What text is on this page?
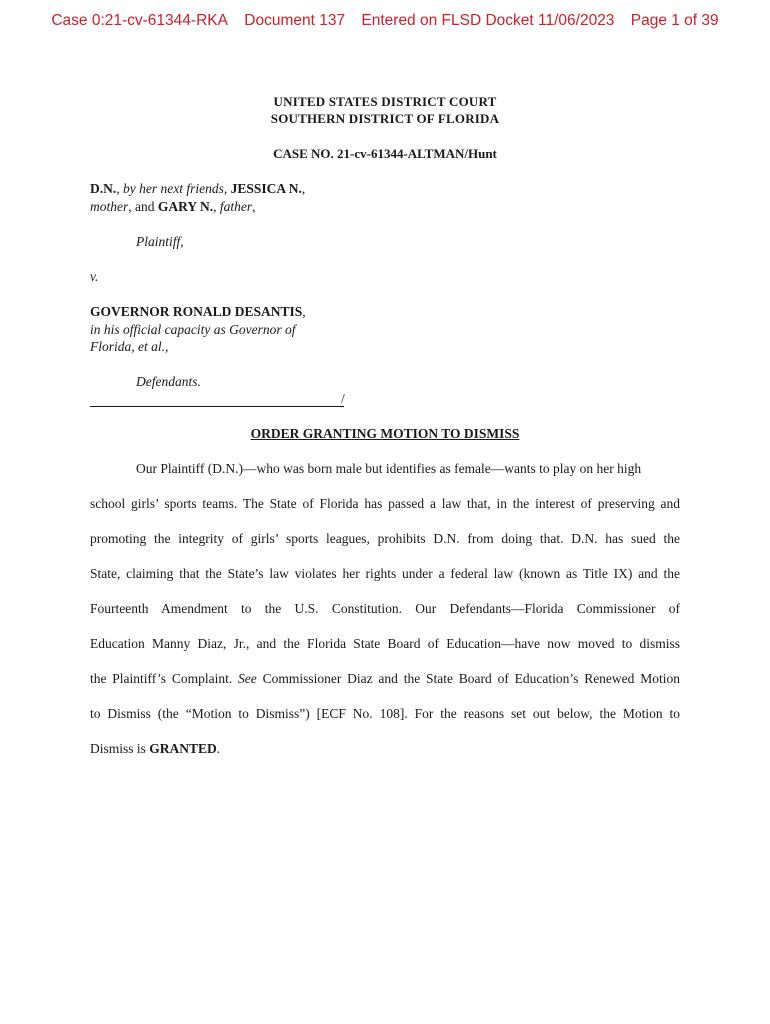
Case 0:21-cv-61344-RKA Document 137 Entered on FLSD Docket 11/06/2023 Page 1 of 39
UNITED STATES DISTRICT COURT
SOUTHERN DISTRICT OF FLORIDA
CASE NO. 21-cv-61344-ALTMAN/Hunt
D.N., by her next friends, JESSICA N.,
mother, and GARY N., father,
Plaintiff,
v.
GOVERNOR RONALD DESANTIS,
in his official capacity as Governor of
Florida, et al.,
Defendants.
/
ORDER GRANTING MOTION TO DISMISS
Our Plaintiff (D.N.)—who was born male but identifies as female—wants to play on her high
school girls’ sports teams. The State of Florida has passed a law that, in the interest of preserving and
promoting the integrity of girls’ sports leagues, prohibits D.N. from doing that. D.N. has sued the
State, claiming that the State’s law violates her rights under a federal law (known as Title IX) and the
Fourteenth Amendment to the U.S. Constitution. Our Defendants—Florida Commissioner of
Education Manny Diaz, Jr., and the Florida State Board of Education—have now moved to dismiss
the Plaintiff’s Complaint. See Commissioner Diaz and the State Board of Education’s Renewed Motion
to Dismiss (the “Motion to Dismiss”) [ECF No. 108]. For the reasons set out below, the Motion to
Dismiss is GRANTED.
